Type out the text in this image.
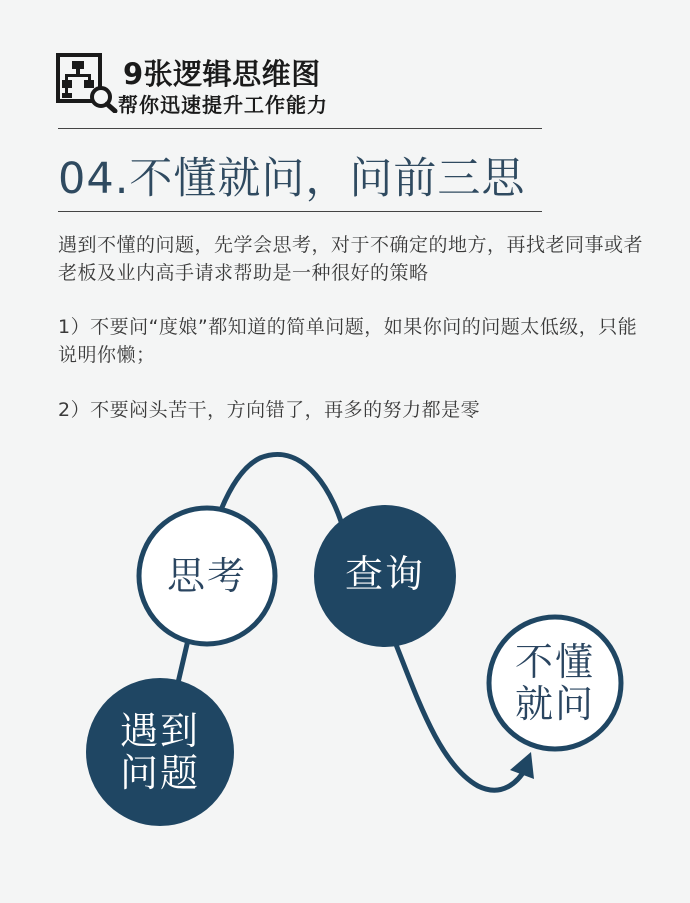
9张逻辑思维图
帮你迅速提升工作能力
04.不懂就问，问前三思
遇到不懂的问题，先学会思考，对于不确定的地方，再找老同事或者老板及业内高手请求帮助是一种很好的策略
1）不要问“度娘”都知道的简单问题，如果你问的问题太低级，只能说明你懒；
2）不要闷头苦干，方向错了，再多的努力都是零
遇到
问题
思考	查询
不懂
就问
